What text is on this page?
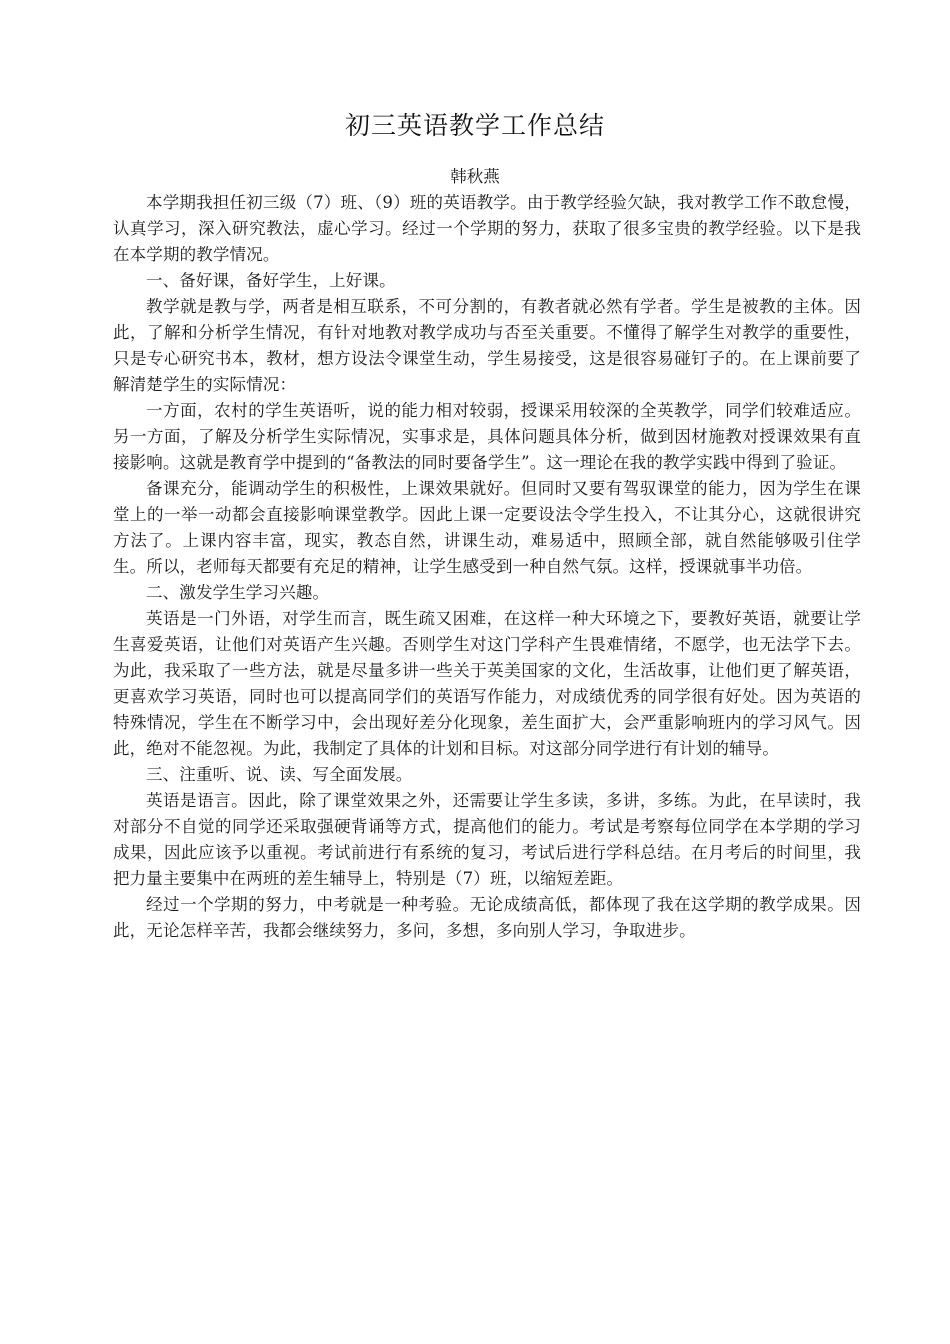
初三英语教学工作总结
韩秋燕

本学期我担任初三级（7）班、（9）班的英语教学。由于教学经验欠缺，我对教学工作不敢怠慢，认真学习，深入研究教法，虚心学习。经过一个学期的努力，获取了很多宝贵的教学经验。以下是我在本学期的教学情况。

一、备好课，备好学生，上好课。

教学就是教与学，两者是相互联系，不可分割的，有教者就必然有学者。学生是被教的主体。因此，了解和分析学生情况，有针对地教对教学成功与否至关重要。不懂得了解学生对教学的重要性，只是专心研究书本，教材，想方设法令课堂生动，学生易接受，这是很容易碰钉子的。在上课前要了解清楚学生的实际情况：

一方面，农村的学生英语听，说的能力相对较弱，授课采用较深的全英教学，同学们较难适应。另一方面，了解及分析学生实际情况，实事求是，具体问题具体分析，做到因材施教对授课效果有直接影响。这就是教育学中提到的“备教法的同时要备学生”。这一理论在我的教学实践中得到了验证。

备课充分，能调动学生的积极性，上课效果就好。但同时又要有驾驭课堂的能力，因为学生在课堂上的一举一动都会直接影响课堂教学。因此上课一定要设法令学生投入，不让其分心，这就很讲究方法了。上课内容丰富，现实，教态自然，讲课生动，难易适中，照顾全部，就自然能够吸引住学生。所以，老师每天都要有充足的精神，让学生感受到一种自然气氛。这样，授课就事半功倍。

二、激发学生学习兴趣。

英语是一门外语，对学生而言，既生疏又困难，在这样一种大环境之下，要教好英语，就要让学生喜爱英语，让他们对英语产生兴趣。否则学生对这门学科产生畏难情绪，不愿学，也无法学下去。为此，我采取了一些方法，就是尽量多讲一些关于英美国家的文化，生活故事，让他们更了解英语，更喜欢学习英语，同时也可以提高同学们的英语写作能力，对成绩优秀的同学很有好处。因为英语的特殊情况，学生在不断学习中，会出现好差分化现象，差生面扩大，会严重影响班内的学习风气。因此，绝对不能忽视。为此，我制定了具体的计划和目标。对这部分同学进行有计划的辅导。

三、注重听、说、读、写全面发展。

英语是语言。因此，除了课堂效果之外，还需要让学生多读，多讲，多练。为此，在早读时，我对部分不自觉的同学还采取强硬背诵等方式，提高他们的能力。考试是考察每位同学在本学期的学习成果，因此应该予以重视。考试前进行有系统的复习，考试后进行学科总结。在月考后的时间里，我把力量主要集中在两班的差生辅导上，特别是（7）班，以缩短差距。

经过一个学期的努力，中考就是一种考验。无论成绩高低，都体现了我在这学期的教学成果。因此，无论怎样辛苦，我都会继续努力，多问，多想，多向别人学习，争取进步。
